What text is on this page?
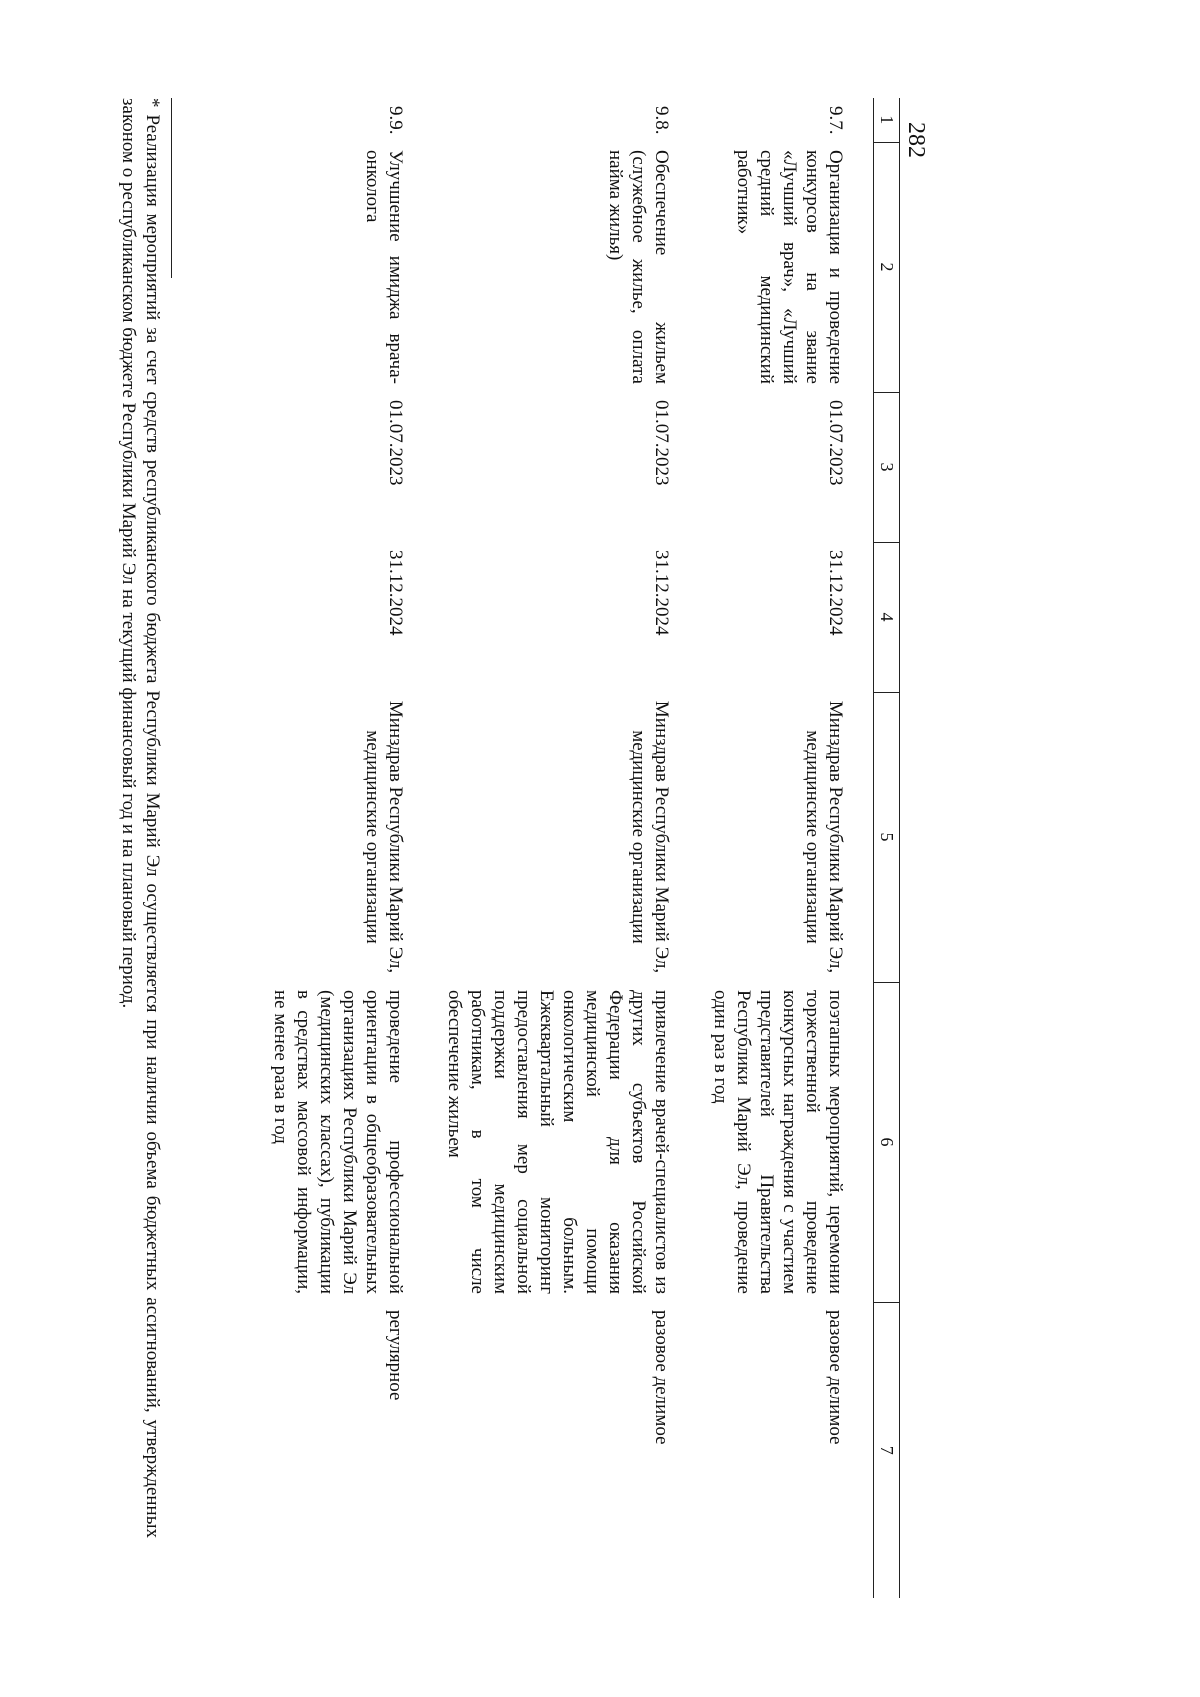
282
1	2	3	4	5	6	7
9.7.	Организация и проведение конкурсов на звание «Лучший врач», «Лучший средний медицинский работник»	01.07.2023	31.12.2024	Минздрав Республики Марий Эл, медицинские организации	поэтапных мероприятий, церемонии торжественной проведение конкурсных награждения с участием представителей Правительства Республики Марий Эл, проведение один раз в год	разовое делимое
9.8.	Обеспечение жильем (служебное жилье, оплата найма жилья)	01.07.2023	31.12.2024	Минздрав Республики Марий Эл, медицинские организации	привлечение врачей-специалистов из других субъектов Российской Федерации для оказания медицинской помощи онкологическим больным. Ежеквартальный мониторинг предоставления мер социальной поддержки медицинским работникам, в том числе обеспечение жильем	разовое делимое
9.9.	Улучшение имиджа врача-онколога	01.07.2023	31.12.2024	Минздрав Республики Марий Эл, медицинские организации	проведение профессиональной ориентации в общеобразовательных организациях Республики Марий Эл (медицинских классах), публикации в средствах массовой информации, не менее раза в год	регулярное
* Реализация мероприятий за счет средств республиканского бюджета Республики Марий Эл осуществляется при наличии объема бюджетных ассигнований, утвержденных законом о республиканском бюджете Республики Марий Эл на текущий финансовый год и на плановый период.
